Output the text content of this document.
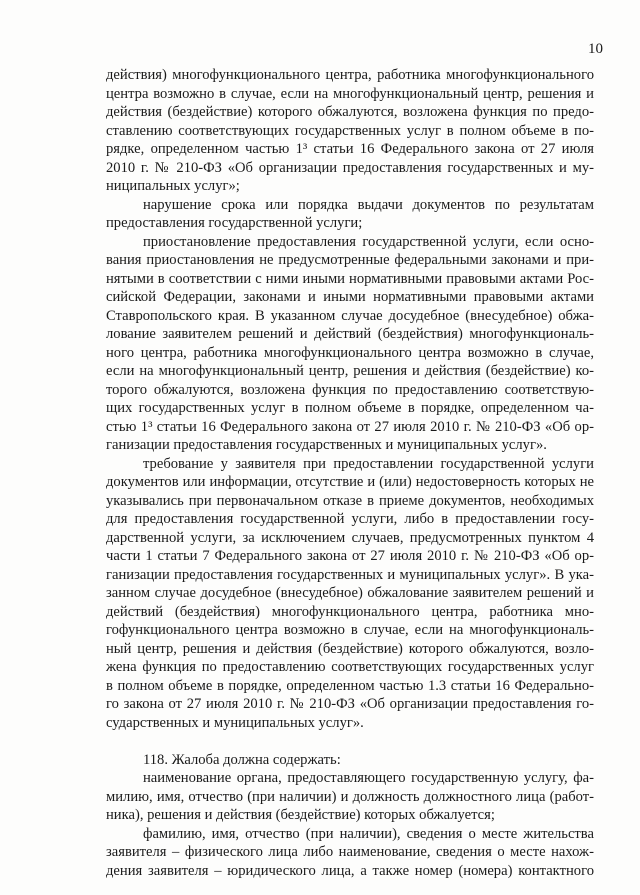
10
действия) многофункционального центра, работника многофункционального
центра возможно в случае, если на многофункциональный центр, решения и
действия (бездействие) которого обжалуются, возложена функция по предо-
ставлению соответствующих государственных услуг в полном объеме в по-
рядке, определенном частью 1³ статьи 16 Федерального закона от 27 июля
2010 г. № 210-ФЗ «Об организации предоставления государственных и му-
ниципальных услуг»;
нарушение срока или порядка выдачи документов по результатам
предоставления государственной услуги;
приостановление предоставления государственной услуги, если осно-
вания приостановления не предусмотренные федеральными законами и при-
нятыми в соответствии с ними иными нормативными правовыми актами Рос-
сийской Федерации, законами и иными нормативными правовыми актами
Ставропольского края. В указанном случае досудебное (внесудебное) обжа-
лование заявителем решений и действий (бездействия) многофункциональ-
ного центра, работника многофункционального центра возможно в случае,
если на многофункциональный центр, решения и действия (бездействие) ко-
торого обжалуются, возложена функция по предоставлению соответствую-
щих государственных услуг в полном объеме в порядке, определенном ча-
стью 1³ статьи 16 Федерального закона от 27 июля 2010 г. № 210-ФЗ «Об ор-
ганизации предоставления государственных и муниципальных услуг».
требование у заявителя при предоставлении государственной услуги
документов или информации, отсутствие и (или) недостоверность которых не
указывались при первоначальном отказе в приеме документов, необходимых
для предоставления государственной услуги, либо в предоставлении госу-
дарственной услуги, за исключением случаев, предусмотренных пунктом 4
части 1 статьи 7 Федерального закона от 27 июля 2010 г. № 210-ФЗ «Об ор-
ганизации предоставления государственных и муниципальных услуг». В ука-
занном случае досудебное (внесудебное) обжалование заявителем решений и
действий (бездействия) многофункционального центра, работника мно-
гофункционального центра возможно в случае, если на многофункциональ-
ный центр, решения и действия (бездействие) которого обжалуются, возло-
жена функция по предоставлению соответствующих государственных услуг
в полном объеме в порядке, определенном частью 1.3 статьи 16 Федерально-
го закона от 27 июля 2010 г. № 210-ФЗ «Об организации предоставления го-
сударственных и муниципальных услуг».
118. Жалоба должна содержать:
наименование органа, предоставляющего государственную услугу, фа-
милию, имя, отчество (при наличии) и должность должностного лица (работ-
ника), решения и действия (бездействие) которых обжалуется;
фамилию, имя, отчество (при наличии), сведения о месте жительства
заявителя – физического лица либо наименование, сведения о месте нахож-
дения заявителя – юридического лица, а также номер (номера) контактного
